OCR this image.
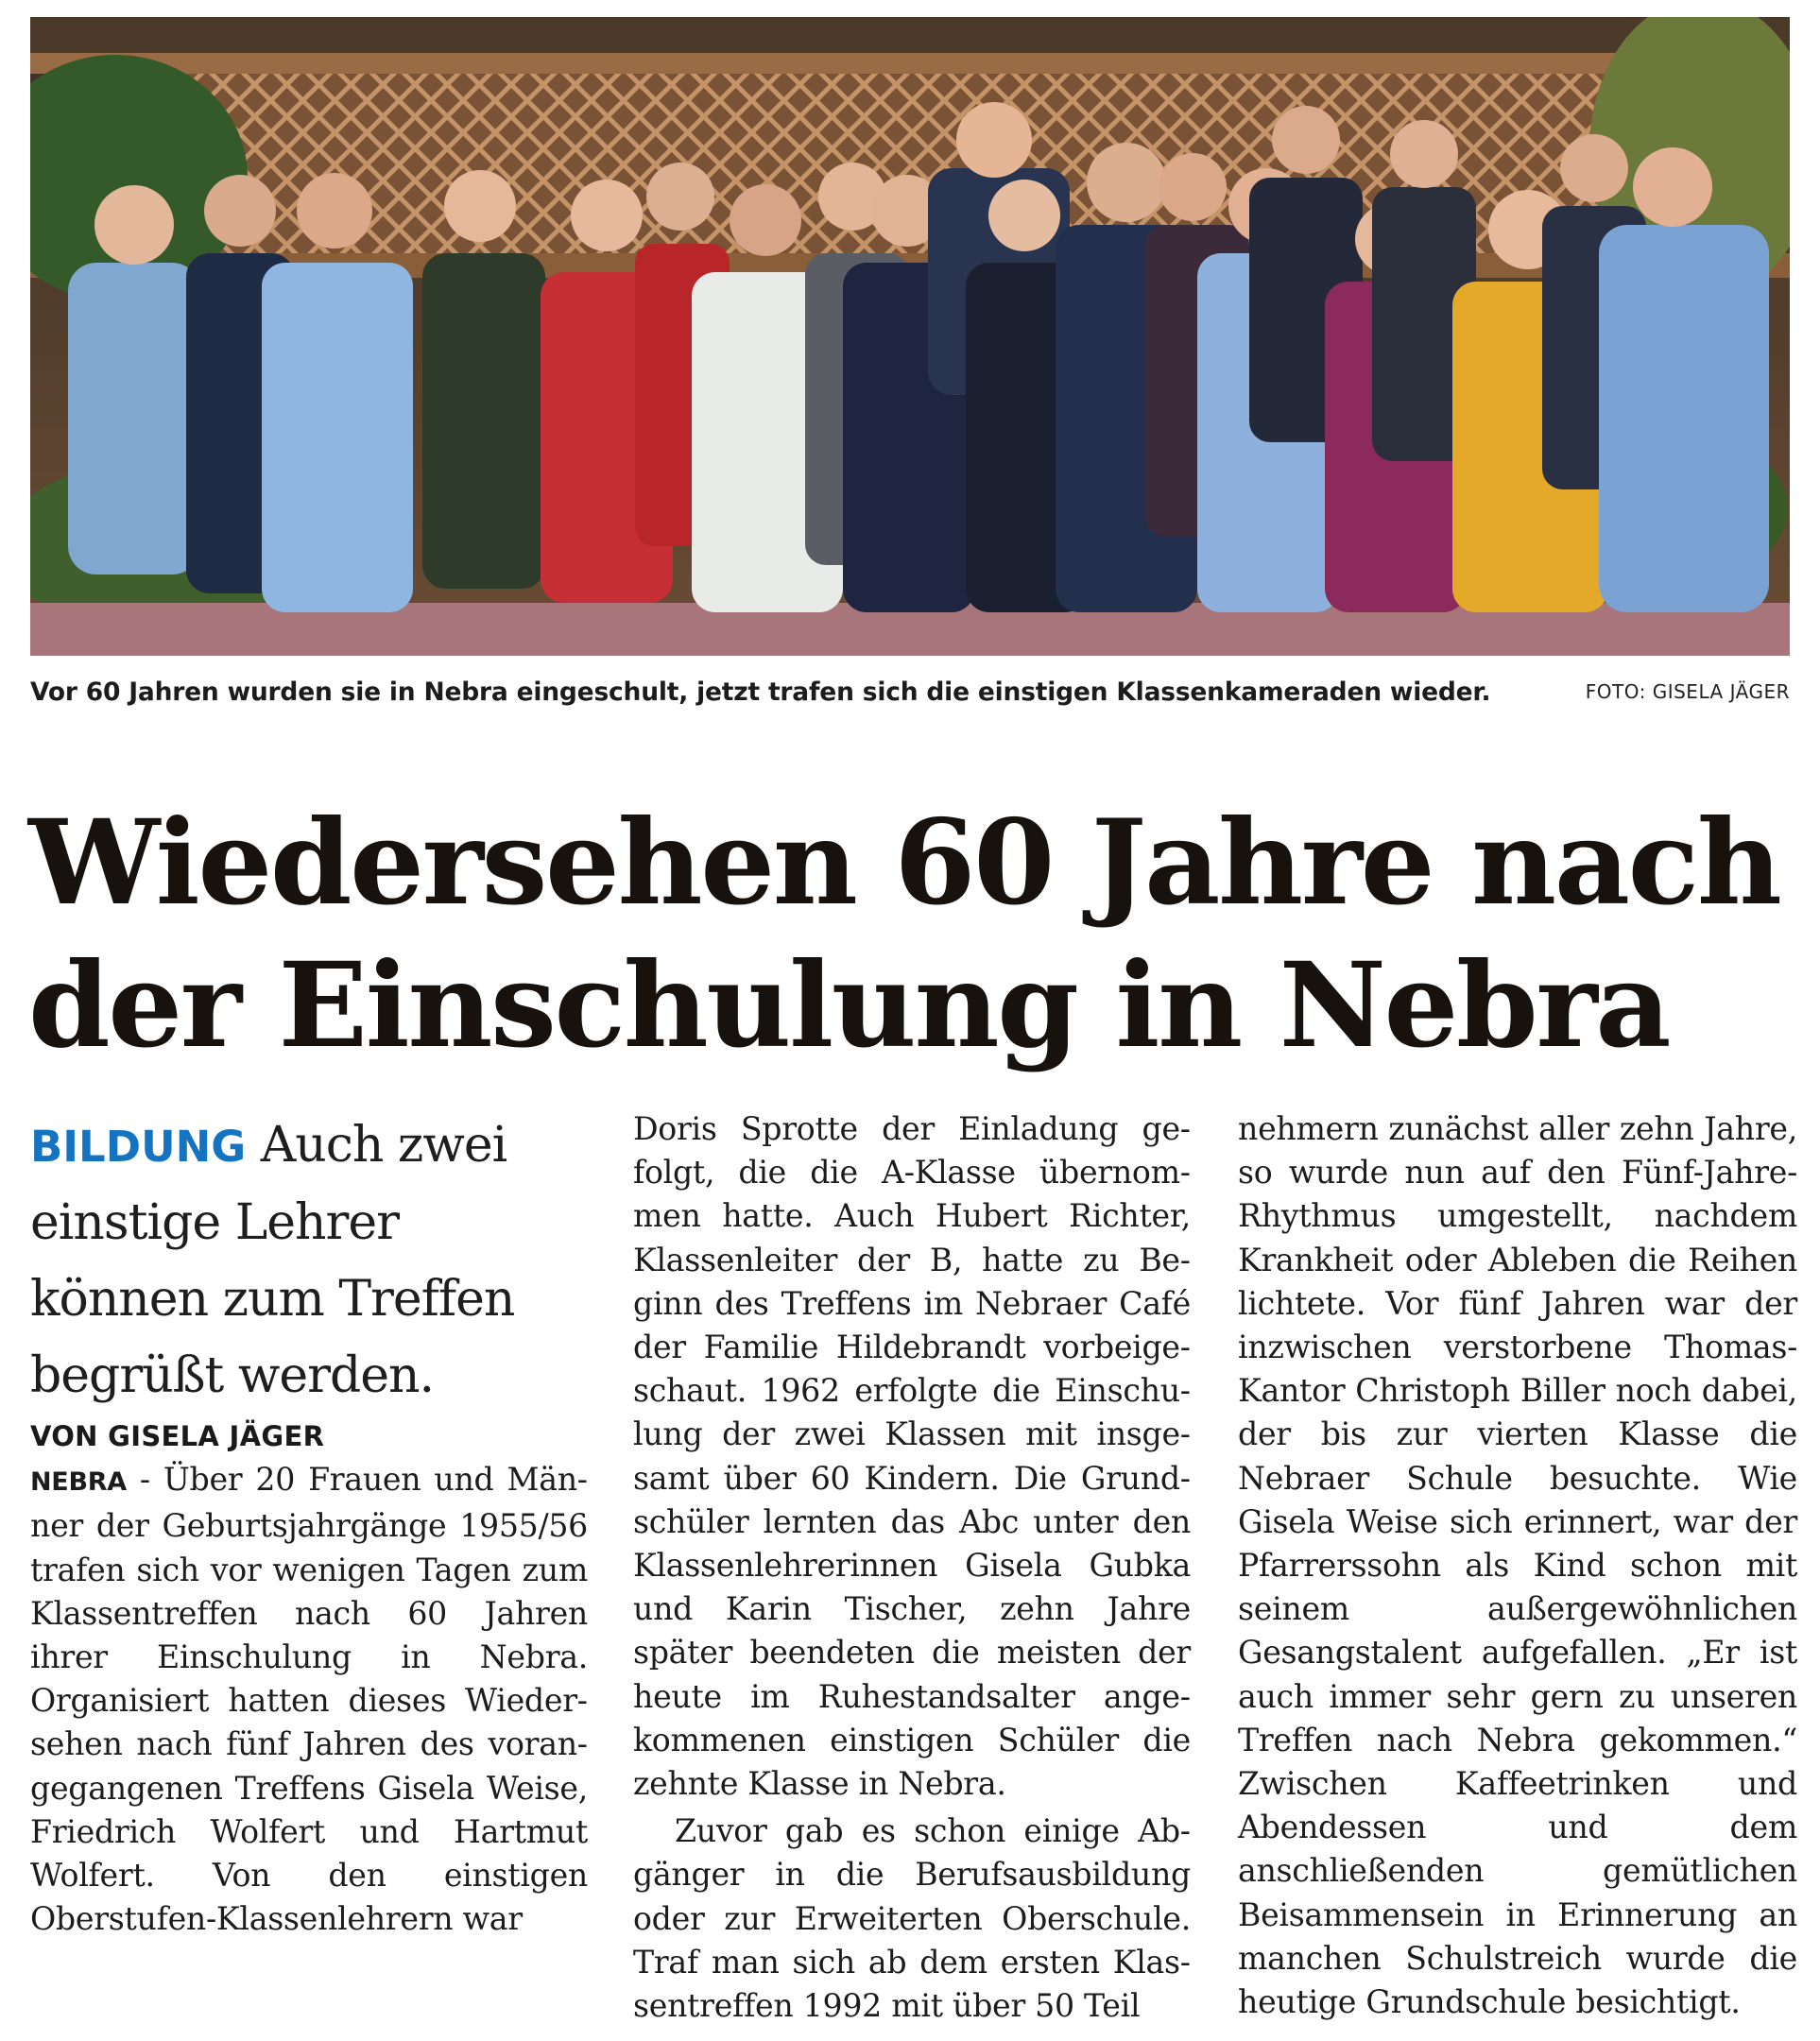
Vor 60 Jahren wurden sie in Nebra eingeschult, jetzt trafen sich die einstigen Klassenkameraden wieder.	FOTO: GISELA JÄGER
Wiedersehen 60 Jahre nach der Einschulung in Nebra

BILDUNG Auch zwei einstige Lehrer können zum Treffen begrüßt werden.

VON GISELA JÄGER

NEBRA - Über 20 Frauen und Männer der Geburtsjahrgänge 1955/56 trafen sich vor wenigen Tagen zum Klassentreffen nach 60 Jahren ihrer Einschulung in Nebra. Organisiert hatten dieses Wiedersehen nach fünf Jahren des vorangegangenen Treffens Gisela Weise, Friedrich Wolfert und Hartmut Wolfert. Von den einstigen Oberstufen-Klassenlehrern war

Doris Sprotte der Einladung gefolgt, die die A-Klasse übernommen hatte. Auch Hubert Richter, Klassenleiter der B, hatte zu Beginn des Treffens im Nebraer Café der Familie Hildebrandt vorbeigeschaut. 1962 erfolgte die Einschulung der zwei Klassen mit insgesamt über 60 Kindern. Die Grundschüler lernten das Abc unter den Klassenlehrerinnen Gisela Gubka und Karin Tischer, zehn Jahre später beendeten die meisten der heute im Ruhestandsalter angekommenen einstigen Schüler die zehnte Klasse in Nebra.

Zuvor gab es schon einige Abgänger in die Berufsausbildung oder zur Erweiterten Oberschule. Traf man sich ab dem ersten Klassentreffen 1992 mit über 50 Teil

nehmern zunächst aller zehn Jahre, so wurde nun auf den Fünf-Jahre-Rhythmus umgestellt, nachdem Krankheit oder Ableben die Reihen lichtete. Vor fünf Jahren war der inzwischen verstorbene Thomas-Kantor Christoph Biller noch dabei, der bis zur vierten Klasse die Nebraer Schule besuchte. Wie Gisela Weise sich erinnert, war der Pfarrerssohn als Kind schon mit seinem außergewöhnlichen Gesangstalent aufgefallen. „Er ist auch immer sehr gern zu unseren Treffen nach Nebra gekommen.“ Zwischen Kaffeetrinken und Abendessen und dem anschließenden gemütlichen Beisammensein in Erinnerung an manchen Schulstreich wurde die heutige Grundschule besichtigt.
